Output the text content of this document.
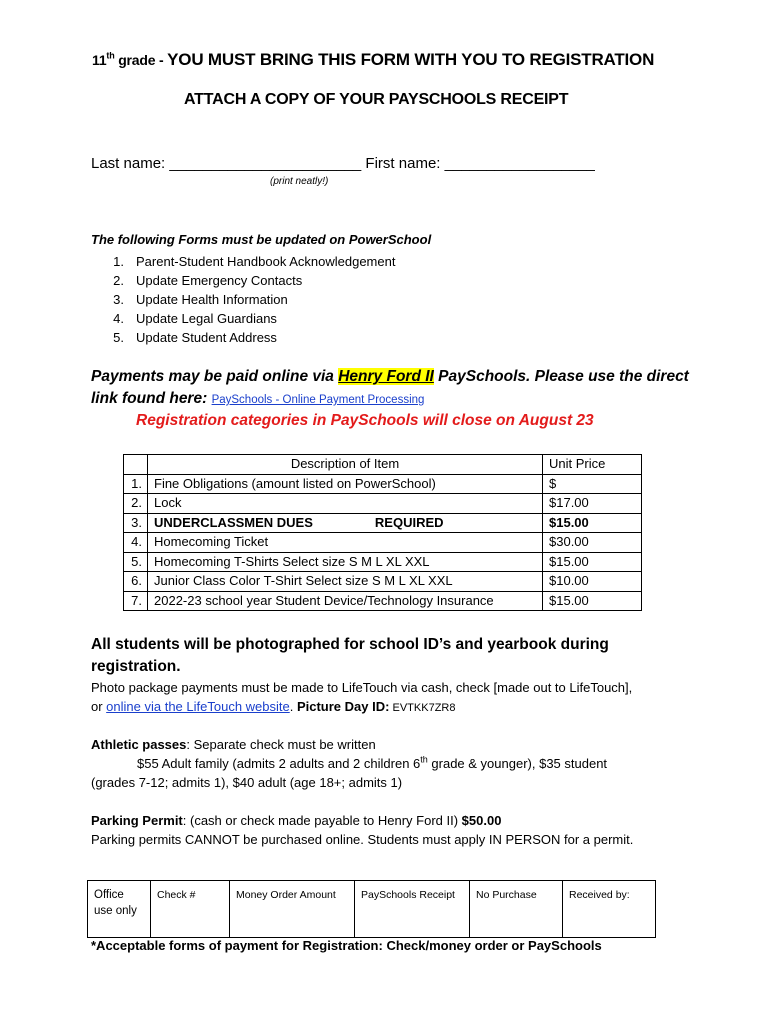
11th grade - YOU MUST BRING THIS FORM WITH YOU TO REGISTRATION
ATTACH A COPY OF YOUR PAYSCHOOLS RECEIPT
Last name: _______________________ First name: __________________
(print neatly!)
The following Forms must be updated on PowerSchool
1. Parent-Student Handbook Acknowledgement
2. Update Emergency Contacts
3. Update Health Information
4. Update Legal Guardians
5. Update Student Address
Payments may be paid online via Henry Ford II PaySchools. Please use the direct
link found here: PaySchools - Online Payment Processing
Registration categories in PaySchools will close on August 23
	Description of Item	Unit Price
1.	Fine Obligations (amount listed on PowerSchool)	$
2.	Lock	$17.00
3.	UNDERCLASSMEN DUES REQUIRED	$15.00
4.	Homecoming Ticket	$30.00
5.	Homecoming T-Shirts Select size S M L XL XXL	$15.00
6.	Junior Class Color T-Shirt Select size S M L XL XXL	$10.00
7.	2022-23 school year Student Device/Technology Insurance	$15.00
All students will be photographed for school ID’s and yearbook during
registration.
Photo package payments must be made to LifeTouch via cash, check [made out to LifeTouch],
or online via the LifeTouch website. Picture Day ID: EVTKK7ZR8
Athletic passes: Separate check must be written
$55 Adult family (admits 2 adults and 2 children 6th grade & younger), $35 student
(grades 7-12; admits 1), $40 adult (age 18+; admits 1)
Parking Permit: (cash or check made payable to Henry Ford II) $50.00
Parking permits CANNOT be purchased online. Students must apply IN PERSON for a permit.
Office use only	Check #	Money Order Amount	PaySchools Receipt	No Purchase	Received by:
*Acceptable forms of payment for Registration: Check/money order or PaySchools
